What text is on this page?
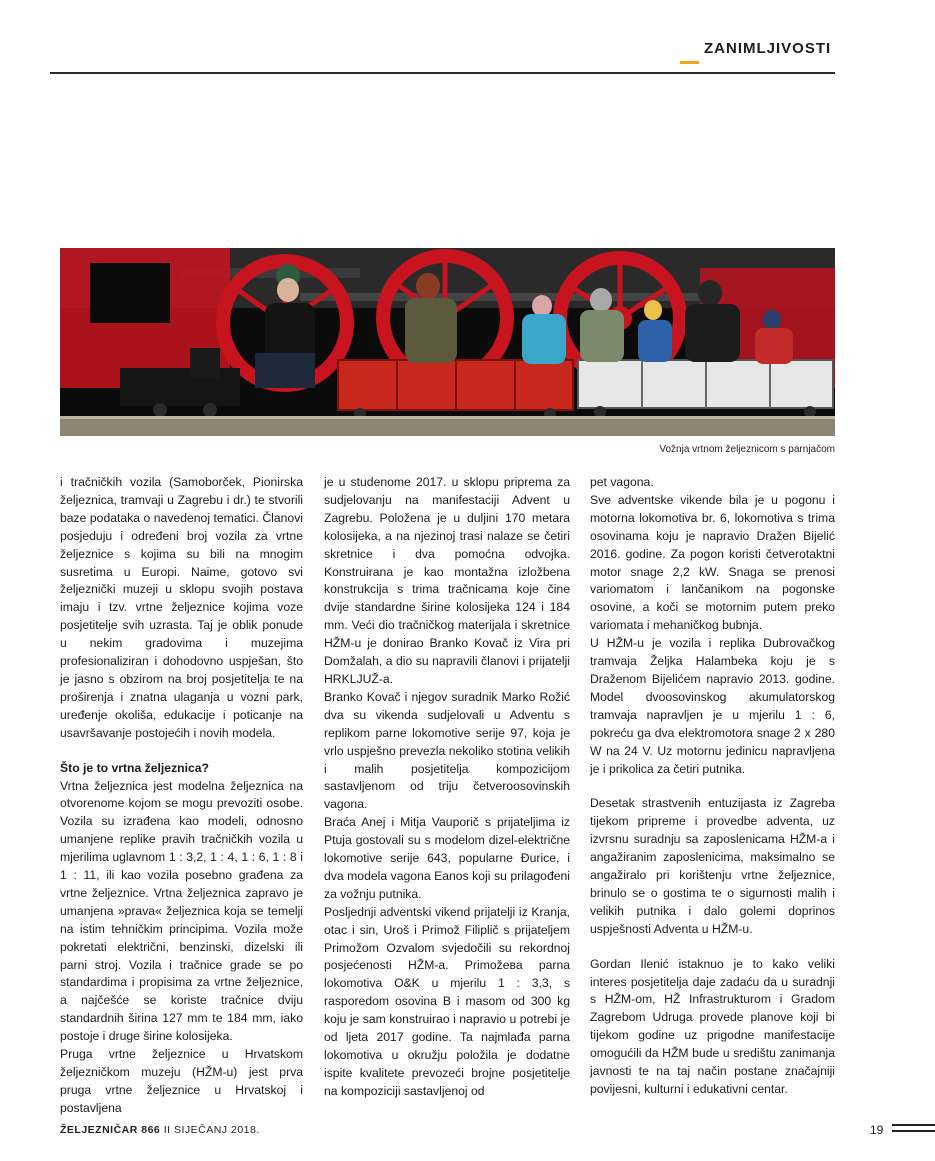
ZANIMLJIVOSTI
Vožnja vrtnom željeznicom s parnjačom

i tračničkih vozila (Samoborček, Pionirska željeznica, tramvaji u Zagrebu i dr.) te stvorili baze podataka o navedenoj tematici. Članovi posjeduju i određeni broj vozila za vrtne željeznice s kojima su bili na mnogim susretima u Europi. Naime, gotovo svi željeznički muzeji u sklopu svojih postava imaju i tzv. vrtne željeznice kojima voze posjetitelje svih uzrasta. Taj je oblik ponude u nekim gradovima i muzejima profesionaliziran i dohodovno uspješan, što je jasno s obzirom na broj posjetitelja te na proširenja i znatna ulaganja u vozni park, uređenje okoliša, edukacije i poticanje na usavršavanje postojećih i novih modela.

Što je to vrtna željeznica?

Vrtna željeznica jest modelna željeznica na otvorenome kojom se mogu prevoziti osobe. Vozila su izrađena kao modeli, odnosno umanjene replike pravih tračničkih vozila u mjerilima uglavnom 1 : 3,2, 1 : 4, 1 : 6, 1 : 8 i 1 : 11, ili kao vozila posebno građena za vrtne željeznice. Vrtna željeznica zapravo je umanjena »prava« željeznica koja se temelji na istim tehničkim principima. Vozila može pokretati električni, benzinski, dizelski ili parni stroj. Vozila i tračnice grade se po standardima i propisima za vrtne željeznice, a najčešće se koriste tračnice dviju standardnih širina 127 mm te 184 mm, iako postoje i druge širine kolosijeka.

Pruga vrtne željeznice u Hrvatskom željezničkom muzeju (HŽM-u) jest prva pruga vrtne željeznice u Hrvatskoj i postavljena

je u studenome 2017. u sklopu priprema za sudjelovanju na manifestaciji Advent u Zagrebu. Položena je u duljini 170 metara kolosijeka, a na njezinoj trasi nalaze se četiri skretnice i dva pomoćna odvojka. Konstruirana je kao montažna izložbena konstrukcija s trima tračnicama koje čine dvije standardne širine kolosijeka 124 i 184 mm. Veći dio tračničkog materijala i skretnice HŽM-u je donirao Branko Kovač iz Vira pri Domžalah, a dio su napravili članovi i prijatelji HRKLJUŽ-a.

Branko Kovač i njegov suradnik Marko Rožić dva su vikenda sudjelovali u Adventu s replikom parne lokomotive serije 97, koja je vrlo uspješno prevezla nekoliko stotina velikih i malih posjetitelja kompozicijom sastavljenom od triju četveroosovinskih vagona.

Braća Anej i Mitja Vauporič s prijateljima iz Ptuja gostovali su s modelom dizel-električne lokomotive serije 643, popularne Đurice, i dva modela vagona Eanos koji su prilagođeni za vožnju putnika.

Posljednji adventski vikend prijatelji iz Kranja, otac i sin, Uroš i Primož Filiplič s prijateljem Primožom Ozvalom svjedočili su rekordnoj posjećenosti HŽM-a. Primožева parna lokomotiva O&K u mjerilu 1 : 3,3, s rasporedom osovina B i masom od 300 kg koju je sam konstruirao i napravio u potrebi je od ljeta 2017 godine. Ta najmlađa parna lokomotiva u okružju položila je dodatne ispite kvalitete prevozeći brojne posjetitelje na kompoziciji sastavljenoj od

pet vagona.

Sve adventske vikende bila je u pogonu i motorna lokomotiva br. 6, lokomotiva s trima osovinama koju je napravio Dražen Bijelić 2016. godine. Za pogon koristi četverotaktni motor snage 2,2 kW. Snaga se prenosi variomatom i lančanikom na pogonske osovine, a koči se motornim putem preko variomata i mehaničkog bubnja.

U HŽM-u je vozila i replika Dubrovačkog tramvaja Željka Halambeka koju je s Draženom Bijelićem napravio 2013. godine. Model dvoosovinskog akumulatorskog tramvaja napravljen je u mjerilu 1 : 6, pokreću ga dva elektromotora snage 2 x 280 W na 24 V. Uz motornu jedinicu napravljena je i prikolica za četiri putnika.

Desetak strastvenih entuzijasta iz Zagreba tijekom pripreme i provedbe adventa, uz izvrsnu suradnju sa zaposlenicama HŽM-a i angažiranim zaposlenicima, maksimalno se angažiralo pri korištenju vrtne željeznice, brinulo se o gostima te o sigurnosti malih i velikih putnika i dalo golemi doprinos uspješnosti Adventa u HŽM-u.

Gordan Ilenić istaknuo je to kako veliki interes posjetitelja daje zadaću da u suradnji s HŽM-om, HŽ Infrastrukturom i Gradom Zagrebom Udruga provede planove koji bi tijekom godine uz prigodne manifestacije omogućili da HŽM bude u središtu zanimanja javnosti te na taj način postane značajniji povijesni, kulturni i edukativni centar.

ŽELJEZNIČAR 866 II SIJEČANJ 2018.	19
